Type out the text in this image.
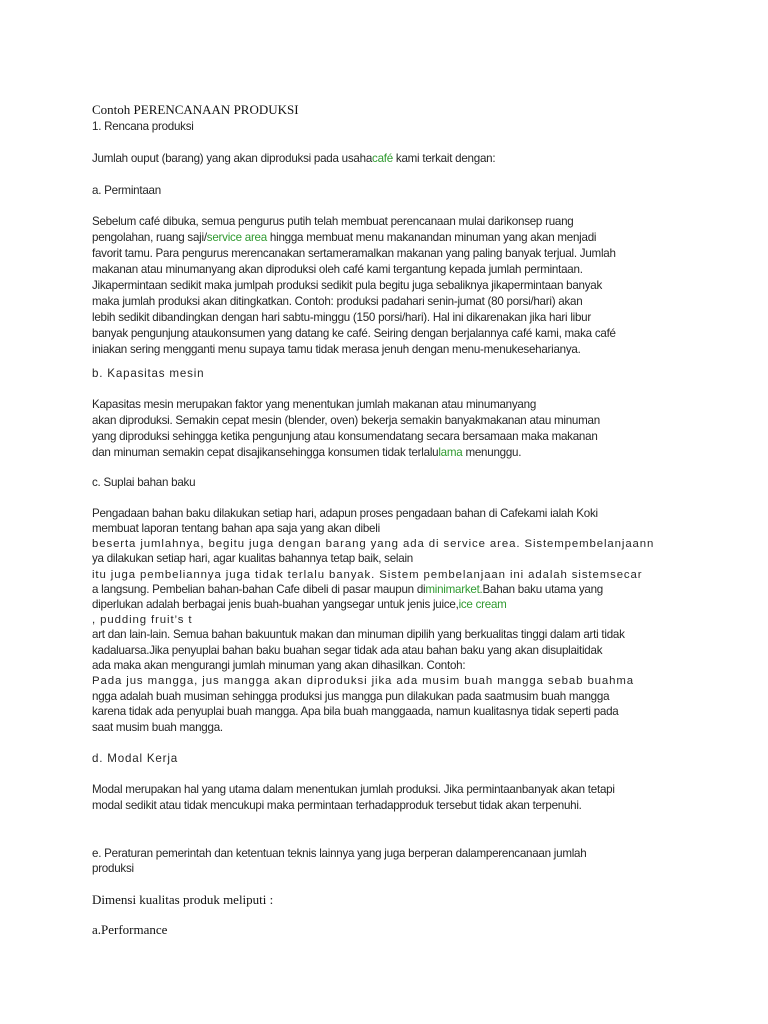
Contoh PERENCANAAN PRODUKSI

1. Rencana produksi

Jumlah ouput (barang) yang akan diproduksi pada usahacafé kami terkait dengan:

a. Permintaan

Sebelum café dibuka, semua pengurus putih telah membuat perencanaan mulai darikonsep ruang

pengolahan, ruang saji/service area hingga membuat menu makanandan minuman yang akan menjadi

favorit tamu. Para pengurus merencanakan sertameramalkan makanan yang paling banyak terjual. Jumlah

makanan atau minumanyang akan diproduksi oleh café kami tergantung kepada jumlah permintaan.

Jikapermintaan sedikit maka jumlpah produksi sedikit pula begitu juga sebaliknya jikapermintaan banyak

maka jumlah produksi akan ditingkatkan. Contoh: produksi padahari senin-jumat (80 porsi/hari) akan

lebih sedikit dibandingkan dengan hari sabtu-minggu (150 porsi/hari). Hal ini dikarenakan jika hari libur

banyak pengunjung ataukonsumen yang datang ke café. Seiring dengan berjalannya café kami, maka café

iniakan sering mengganti menu supaya tamu tidak merasa jenuh dengan menu-menukeseharianya.

b. Kapasitas mesin

Kapasitas mesin merupakan faktor yang menentukan jumlah makanan atau minumanyang

akan diproduksi. Semakin cepat mesin (blender, oven) bekerja semakin banyakmakanan atau minuman

yang diproduksi sehingga ketika pengunjung atau konsumendatang secara bersamaan maka makanan

dan minuman semakin cepat disajikansehingga konsumen tidak terlalulama menunggu.

c. Suplai bahan baku

Pengadaan bahan baku dilakukan setiap hari, adapun proses pengadaan bahan di Cafekami ialah Koki

membuat laporan tentang bahan apa saja yang akan dibeli

beserta jumlahnya, begitu juga dengan barang yang ada di service area. Sistempembelanjaann

ya dilakukan setiap hari, agar kualitas bahannya tetap baik, selain

itu juga pembeliannya juga tidak terlalu banyak. Sistem pembelanjaan ini adalah sistemsecar

a langsung. Pembelian bahan-bahan Cafe dibeli di pasar maupun diminimarket.Bahan baku utama yang

diperlukan adalah berbagai jenis buah-buahan yangsegar untuk jenis juice,ice cream

, pudding fruit’s t

art dan lain-lain. Semua bahan bakuuntuk makan dan minuman dipilih yang berkualitas tinggi dalam arti tidak

kadaluarsa.Jika penyuplai bahan baku buahan segar tidak ada atau bahan baku yang akan disuplaitidak

ada maka akan mengurangi jumlah minuman yang akan dihasilkan. Contoh:

Pada jus mangga, jus mangga akan diproduksi jika ada musim buah mangga sebab buahma

ngga adalah buah musiman sehingga produksi jus mangga pun dilakukan pada saatmusim buah mangga

karena tidak ada penyuplai buah mangga. Apa bila buah manggaada, namun kualitasnya tidak seperti pada

saat musim buah mangga.

d. Modal Kerja

Modal merupakan hal yang utama dalam menentukan jumlah produksi. Jika permintaanbanyak akan tetapi

modal sedikit atau tidak mencukupi maka permintaan terhadapproduk tersebut tidak akan terpenuhi.

e. Peraturan pemerintah dan ketentuan teknis lainnya yang juga berperan dalamperencanaan jumlah

produksi

Dimensi kualitas produk meliputi :

a.Performance
